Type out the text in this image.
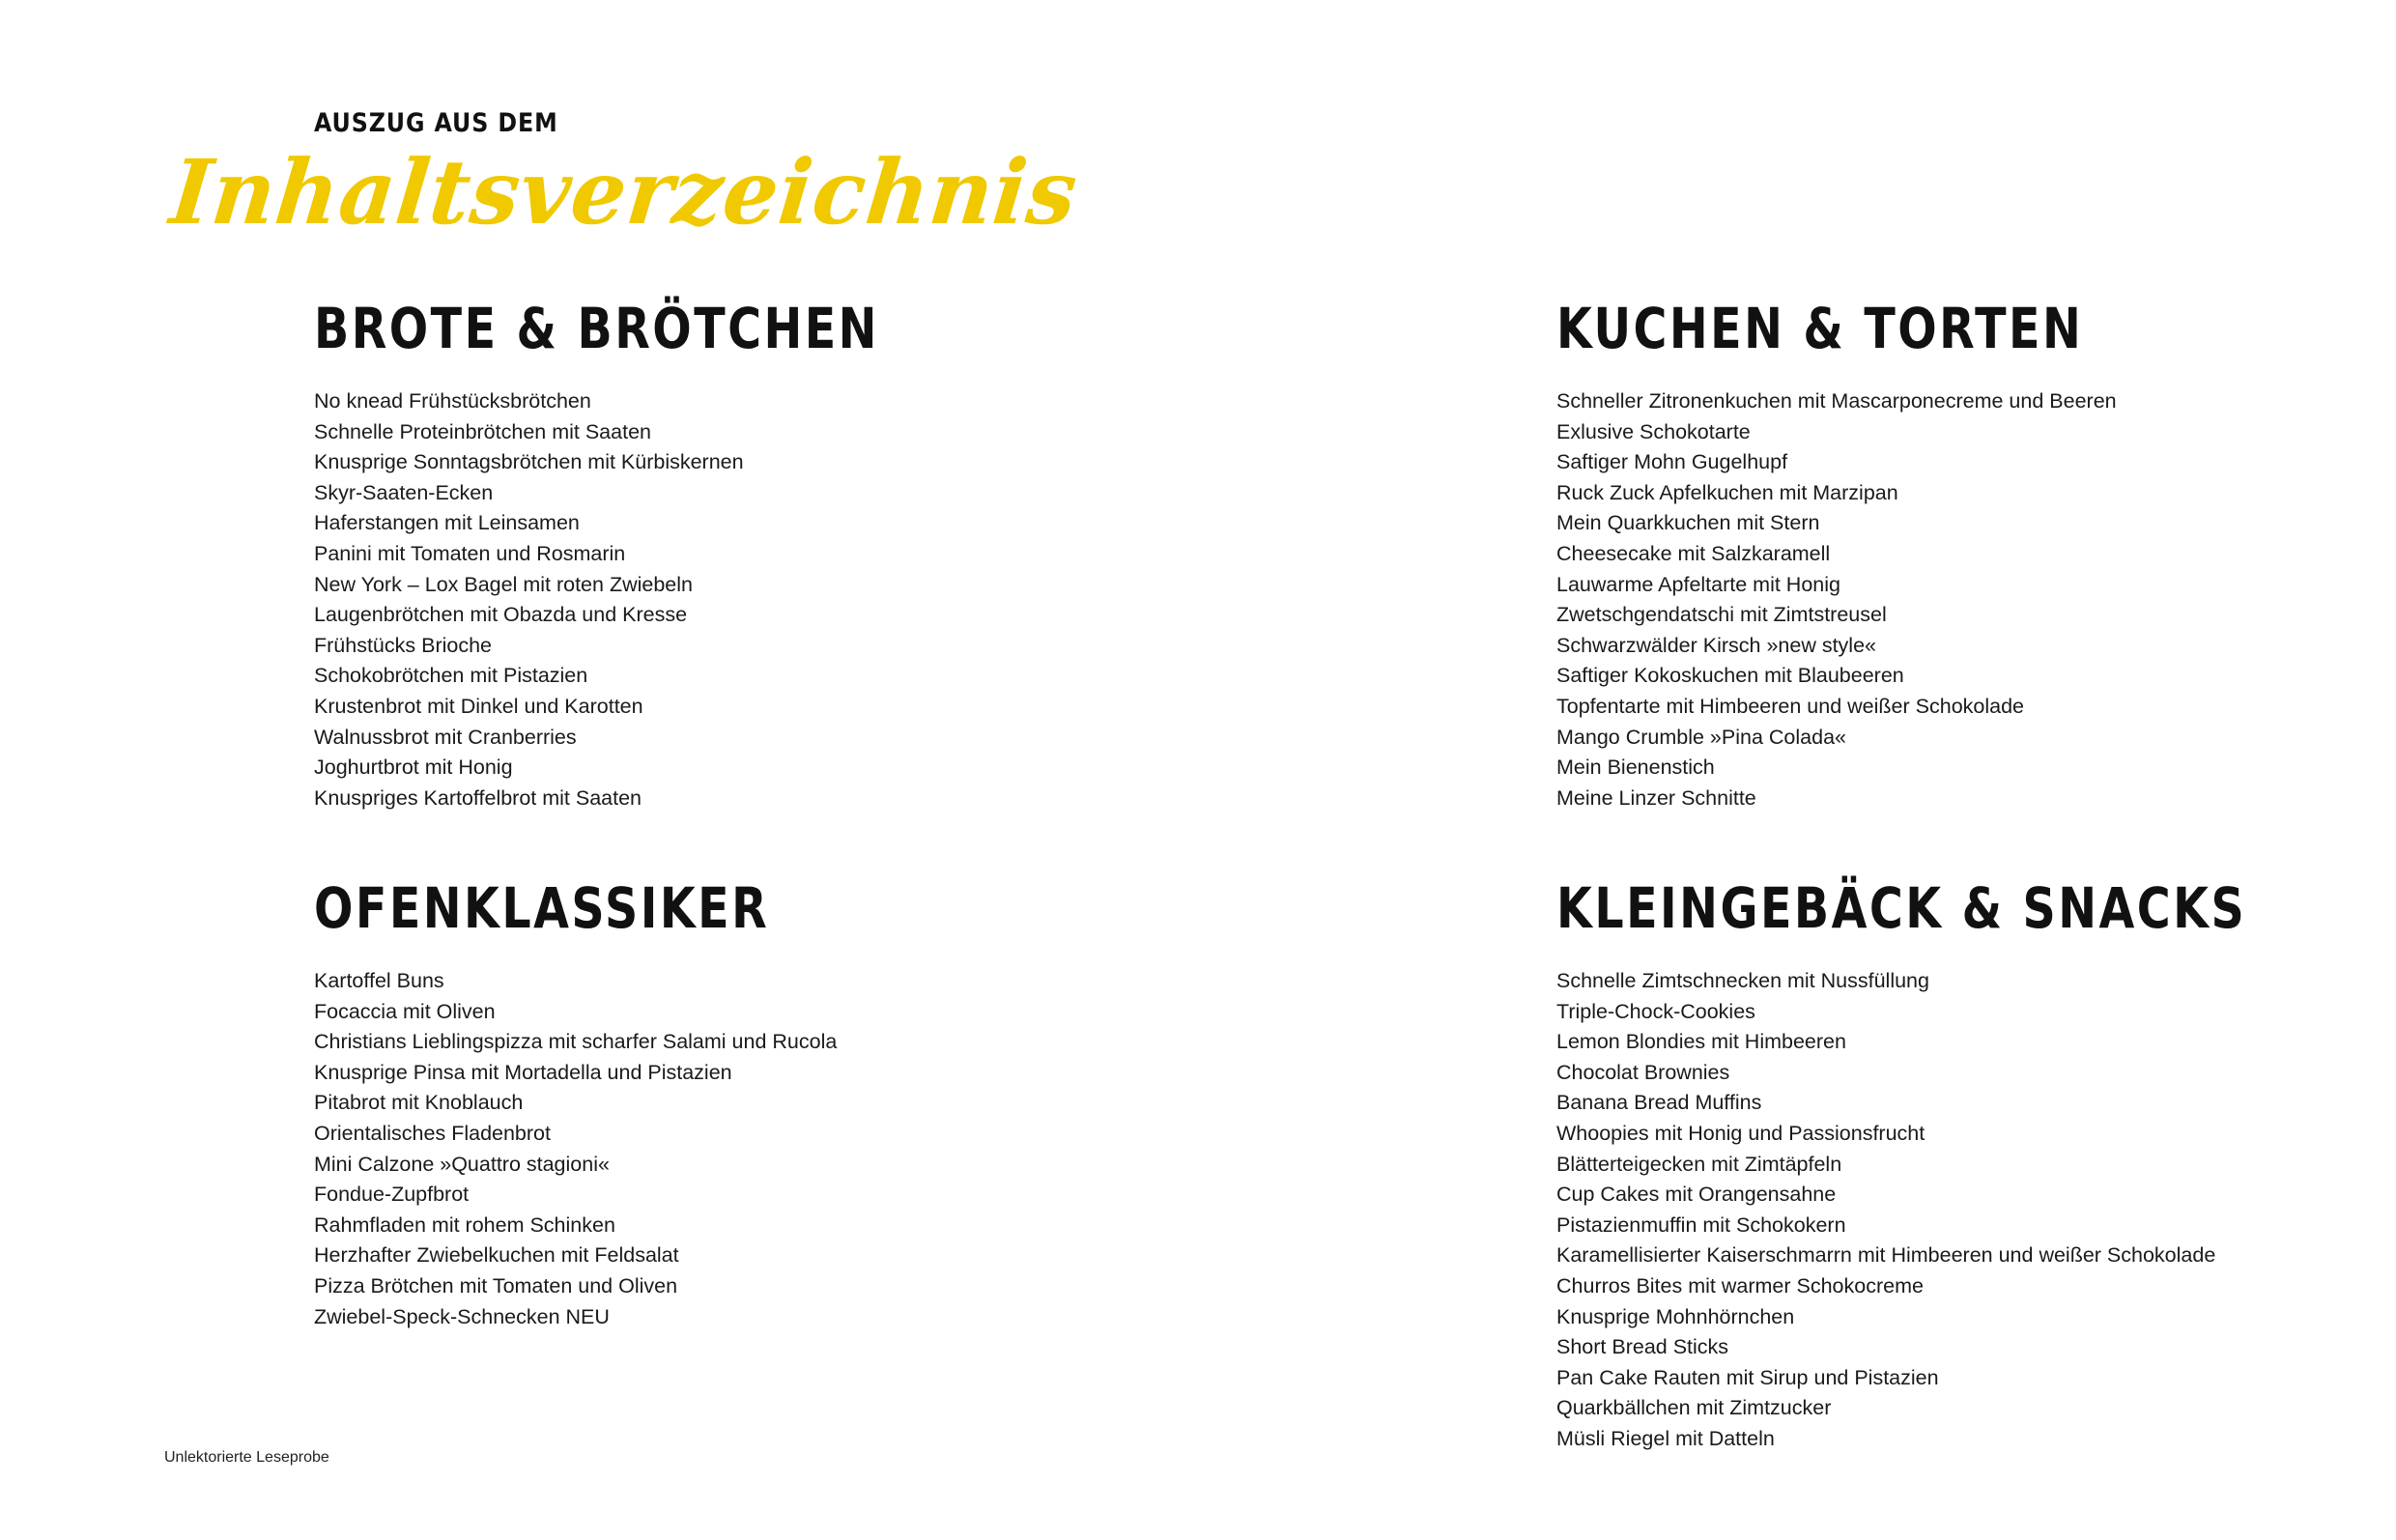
AUSZUG AUS DEM
Inhaltsverzeichnis
BROTE & BRÖTCHEN
No knead Frühstücksbrötchen
Schnelle Proteinbrötchen mit Saaten
Knusprige Sonntagsbrötchen mit Kürbiskernen
Skyr-Saaten-Ecken
Haferstangen mit Leinsamen
Panini mit Tomaten und Rosmarin
New York – Lox Bagel mit roten Zwiebeln
Laugenbrötchen mit Obazda und Kresse
Frühstücks Brioche
Schokobrötchen mit Pistazien
Krustenbrot mit Dinkel und Karotten
Walnussbrot mit Cranberries
Joghurtbrot mit Honig
Knuspriges Kartoffelbrot mit Saaten
KUCHEN & TORTEN
Schneller Zitronenkuchen mit Mascarponecreme und Beeren
Exlusive Schokotarte
Saftiger Mohn Gugelhupf
Ruck Zuck Apfelkuchen mit Marzipan
Mein Quarkkuchen mit Stern
Cheesecake mit Salzkaramell
Lauwarme Apfeltarte mit Honig
Zwetschgendatschi mit Zimtstreusel
Schwarzwälder Kirsch »new style«
Saftiger Kokoskuchen mit Blaubeeren
Topfentarte mit Himbeeren und weißer Schokolade
Mango Crumble »Pina Colada«
Mein Bienenstich
Meine Linzer Schnitte
OFENKLASSIKER
Kartoffel Buns
Focaccia mit Oliven
Christians Lieblingspizza mit scharfer Salami und Rucola
Knusprige Pinsa mit Mortadella und Pistazien
Pitabrot mit Knoblauch
Orientalisches Fladenbrot
Mini Calzone »Quattro stagioni«
Fondue-Zupfbrot
Rahmfladen mit rohem Schinken
Herzhafter Zwiebelkuchen mit Feldsalat
Pizza Brötchen mit Tomaten und Oliven
Zwiebel-Speck-Schnecken NEU
KLEINGEBÄCK & SNACKS
Schnelle Zimtschnecken mit Nussfüllung
Triple-Chock-Cookies
Lemon Blondies mit Himbeeren
Chocolat Brownies
Banana Bread Muffins
Whoopies mit Honig und Passionsfrucht
Blätterteigecken mit Zimtäpfeln
Cup Cakes mit Orangensahne
Pistazienmuffin mit Schokokern
Karamellisierter Kaiserschmarrn mit Himbeeren und weißer Schokolade
Churros Bites mit warmer Schokocreme
Knusprige Mohnhörnchen
Short Bread Sticks
Pan Cake Rauten mit Sirup und Pistazien
Quarkbällchen mit Zimtzucker
Müsli Riegel mit Datteln
Unlektorierte Leseprobe
